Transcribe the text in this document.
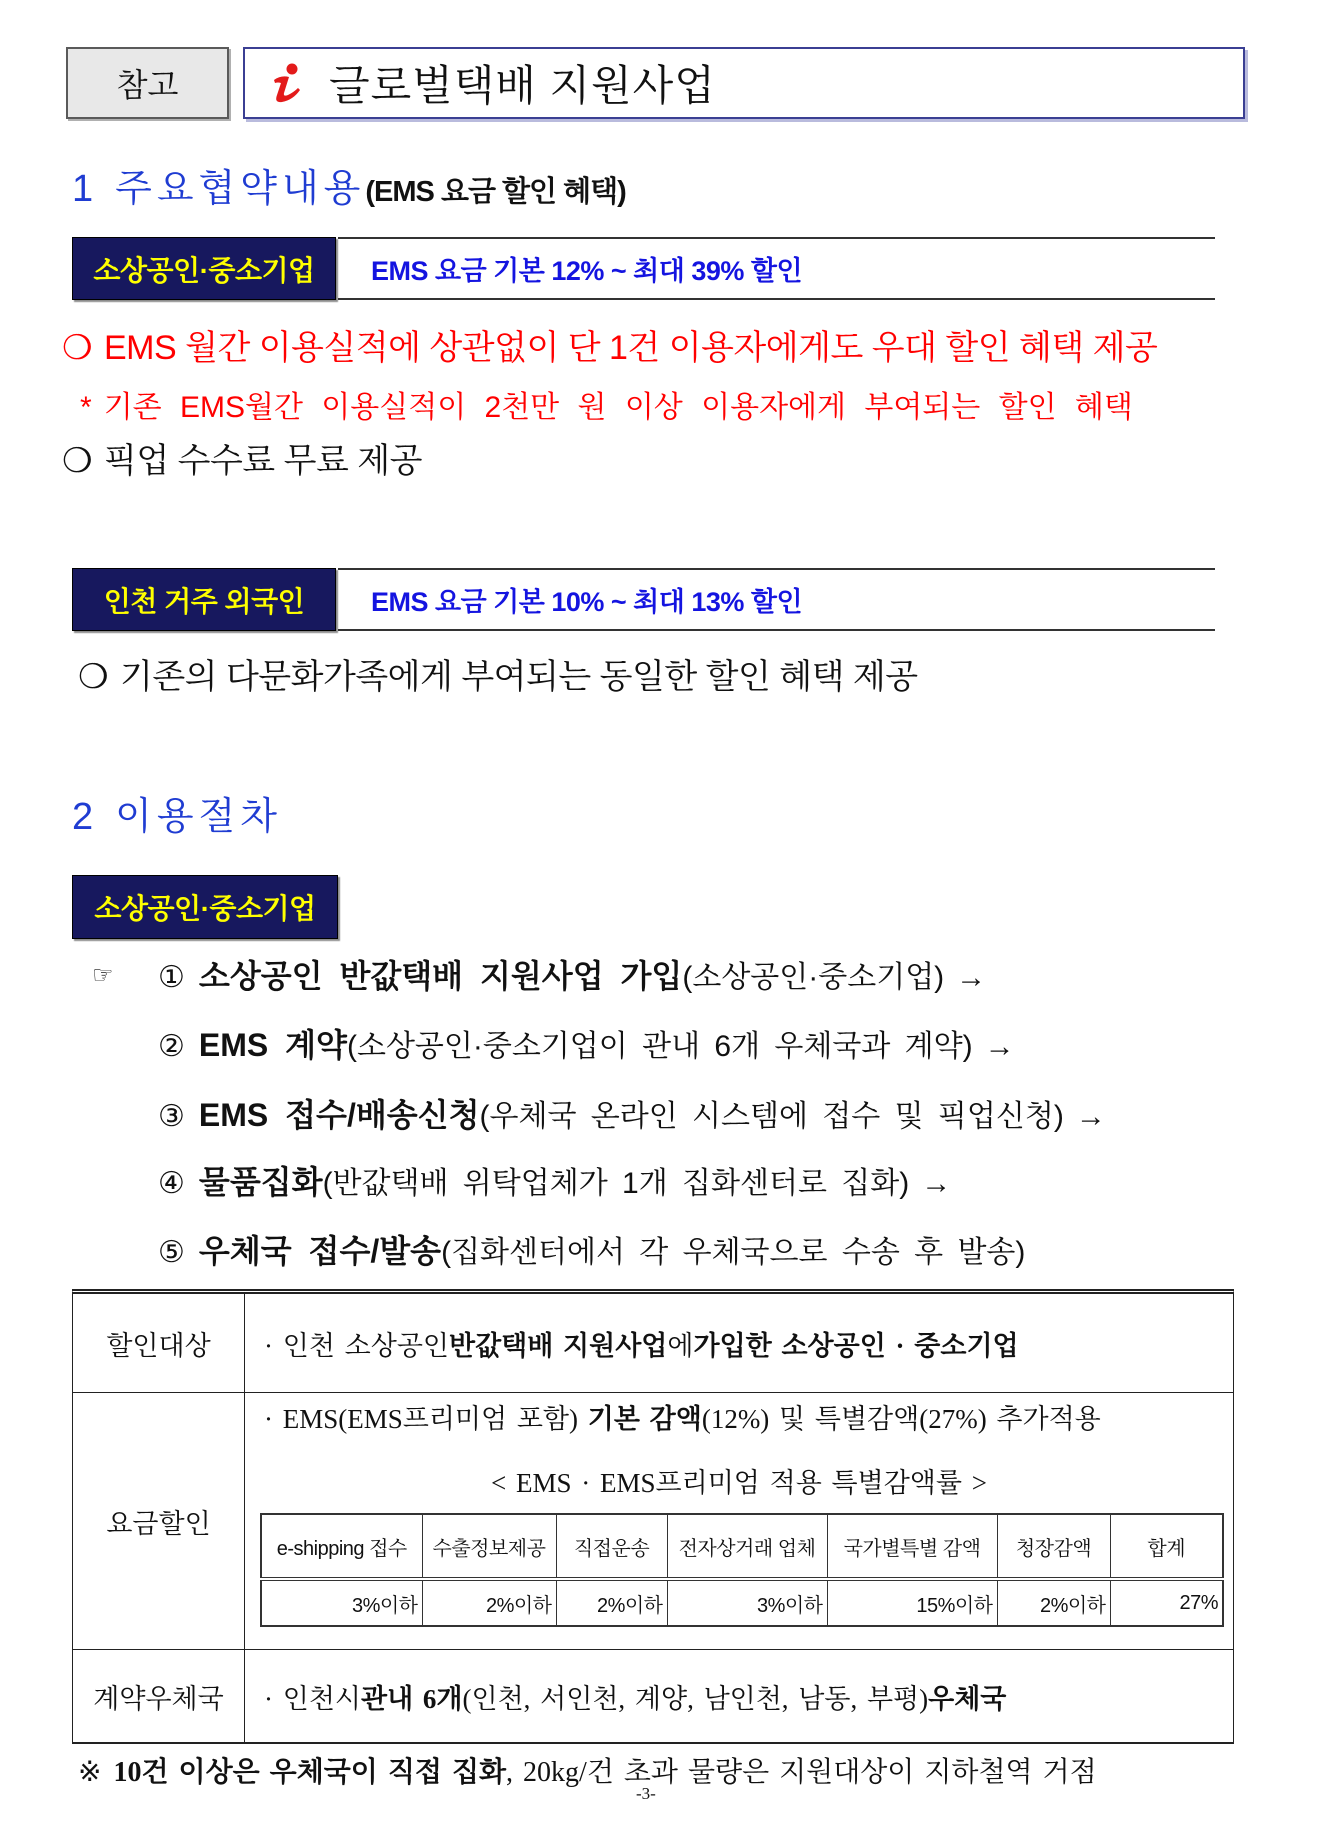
참고	글로벌택배 지원사업
1 주요협약내용(EMS 요금 할인 혜택)
소상공인·중소기업	EMS 요금 기본 12% ~ 최대 39% 할인
❍ EMS 월간 이용실적에 상관없이 단 1건 이용자에게도 우대 할인 혜택 제공
* 기존 EMS월간 이용실적이 2천만 원 이상 이용자에게 부여되는 할인 혜택
❍ 픽업 수수료 무료 제공
인천 거주 외국인	EMS 요금 기본 10% ~ 최대 13% 할인
❍ 기존의 다문화가족에게 부여되는 동일한 할인 혜택 제공
2 이용절차
소상공인·중소기업
☞ ① 소상공인 반값택배 지원사업 가입(소상공인·중소기업) →
② EMS 계약(소상공인·중소기업이 관내 6개 우체국과 계약) →
③ EMS 접수/배송신청(우체국 온라인 시스템에 접수 및 픽업신청) →
④ 물품집화(반값택배 위탁업체가 1개 집화센터로 집화) →
⑤ 우체국 접수/발송(집화센터에서 각 우체국으로 수송 후 발송)
할인대상	· 인천 소상공인 반값택배 지원사업 에 가입한 소상공인 · 중소기업
요금할인
· EMS(EMS프리미엄 포함) 기본 감액(12%) 및 특별감액(27%) 추가적용
< EMS · EMS프리미엄 적용 특별감액률 >
e-shipping 접수	수출정보제공	직접운송	전자상거래 업체	국가별특별 감액	청장감액	합계
3%이하	2%이하	2%이하	3%이하	15%이하	2%이하	27%
계약우체국	· 인천시 관내 6개 (인천, 서인천, 계양, 남인천, 남동, 부평) 우체국
※ 10건 이상은 우체국이 직접 집화, 20kg/건 초과 물량은 지원대상이 지하철역 거점
-3-
